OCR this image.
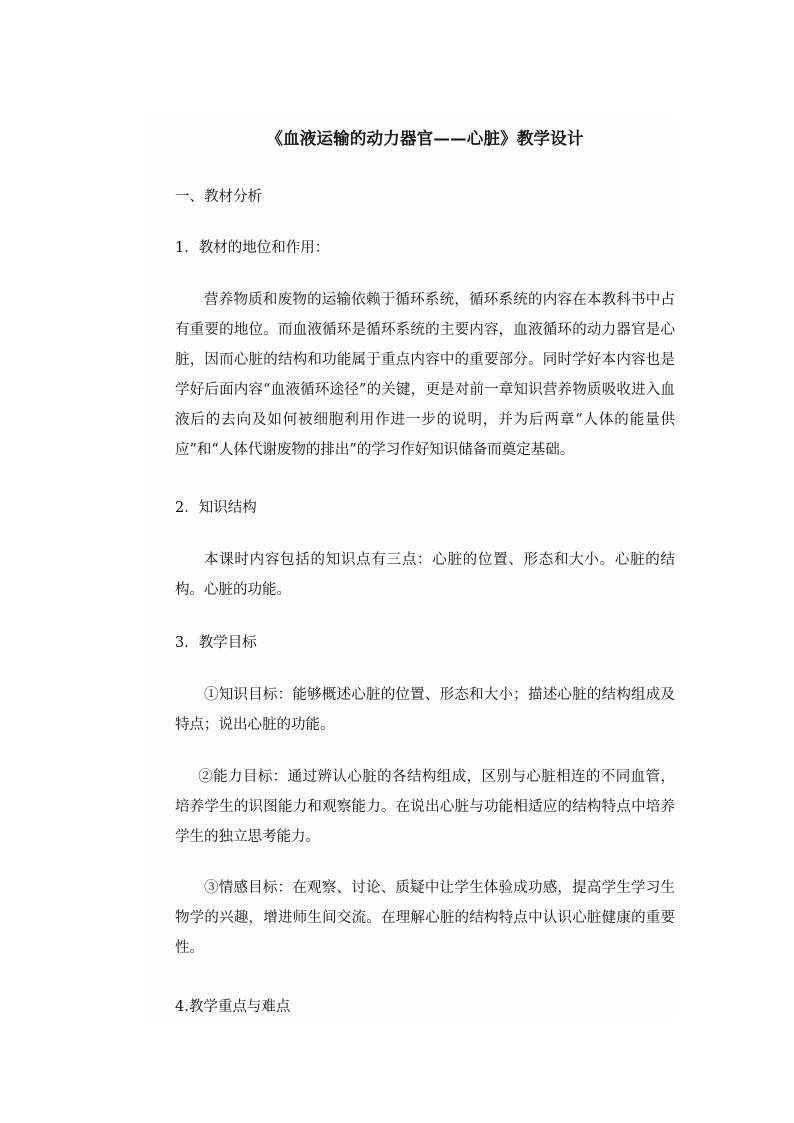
《血液运输的动力器官——心脏》教学设计
一、教材分析
1．教材的地位和作用：
营养物质和废物的运输依赖于循环系统，循环系统的内容在本教科书中占有重要的地位。而血液循环是循环系统的主要内容，血液循环的动力器官是心脏，因而心脏的结构和功能属于重点内容中的重要部分。同时学好本内容也是学好后面内容“血液循环途径”的关键，更是对前一章知识营养物质吸收进入血液后的去向及如何被细胞利用作进一步的说明，并为后两章“人体的能量供应”和“人体代谢废物的排出”的学习作好知识储备而奠定基础。
2．知识结构
本课时内容包括的知识点有三点：心脏的位置、形态和大小。心脏的结构。心脏的功能。
3．教学目标
①知识目标：能够概述心脏的位置、形态和大小；描述心脏的结构组成及特点；说出心脏的功能。
②能力目标：通过辨认心脏的各结构组成，区别与心脏相连的不同血管，培养学生的识图能力和观察能力。在说出心脏与功能相适应的结构特点中培养学生的独立思考能力。
③情感目标：在观察、讨论、质疑中让学生体验成功感，提高学生学习生物学的兴趣，增进师生间交流。在理解心脏的结构特点中认识心脏健康的重要性。
4.教学重点与难点
